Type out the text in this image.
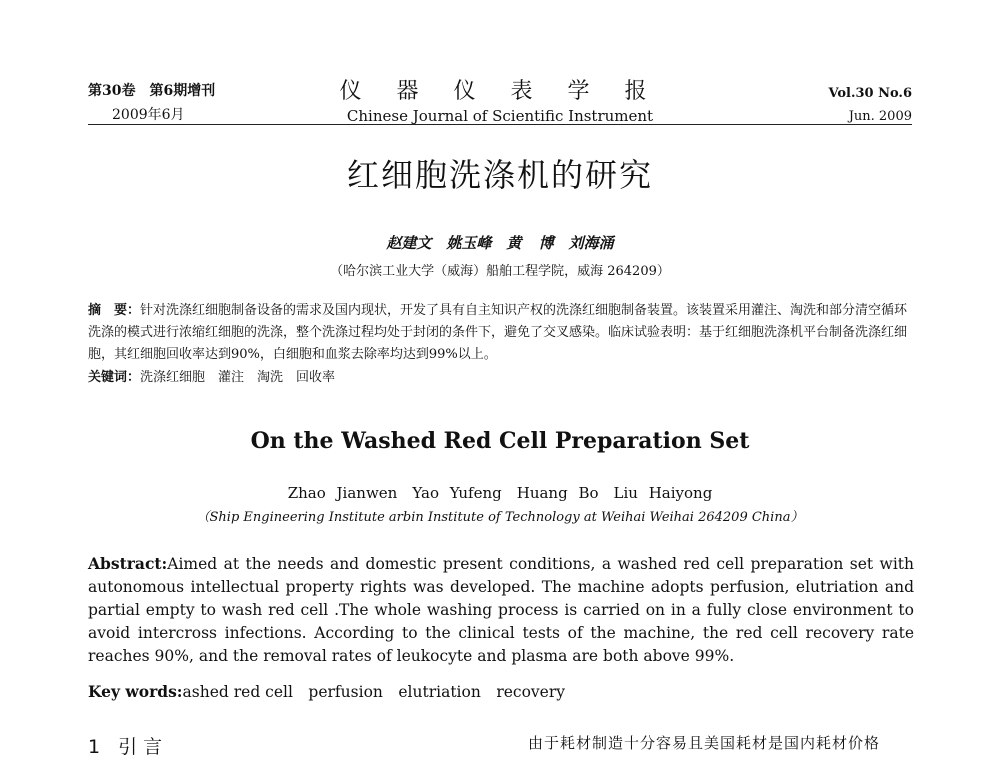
第30卷　第6期增刊
2009年6月
仪 器 仪 表 学 报
Chinese Journal of Scientific Instrument
Vol.30 No.6
Jun. 2009
红细胞洗涤机的研究
赵建文　姚玉峰　黄 博　刘海涌
（哈尔滨工业大学（威海）船舶工程学院，威海 264209）
摘　要：针对洗涤红细胞制备设备的需求及国内现状，开发了具有自主知识产权的洗涤红细胞制备装置。该装置采用灌注、淘洗和部分清空循环洗涤的模式进行浓缩红细胞的洗涤，整个洗涤过程均处于封闭的条件下，避免了交叉感染。临床试验表明：基于红细胞洗涤机平台制备洗涤红细胞，其红细胞回收率达到90%，白细胞和血浆去除率均达到99%以上。
关键词：洗涤红细胞　灌注　淘洗　回收率
On the Washed Red Cell Preparation Set
Zhao Jianwen　Yao Yufeng　Huang Bo　Liu Haiyong
（Ship Engineering Institute arbin Institute of Technology at Weihai Weihai 264209 China）
Abstract:Aimed at the needs and domestic present conditions, a washed red cell preparation set with autonomous intellectual property rights was developed. The machine adopts perfusion, elutriation and partial empty to wash red cell .The whole washing process is carried on in a fully close environment to avoid intercross infections. According to the clinical tests of the machine, the red cell recovery rate reaches 90%, and the removal rates of leukocyte and plasma are both above 99%.
Key words:ashed red cell　perfusion　elutriation　recovery
1 引 言	由于耗材制造十分容易且美国耗材是国内耗材价格
